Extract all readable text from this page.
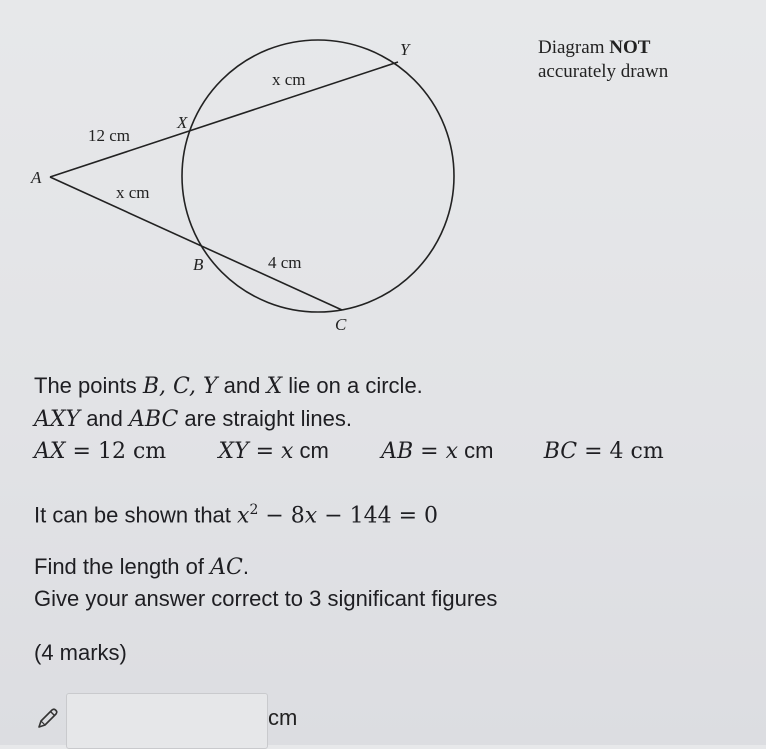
A
X
Y
B
C
12 cm
x cm
x cm
4 cm
Diagram NOT
accurately drawn
The points B, C, Y and X lie on a circle.
AXY and ABC are straight lines.
AX = 12 cm XY = x cm AB = x cm BC = 4 cm
It can be shown that $x^2 - 8x - 144 = 0$
Find the length of AC.
Give your answer correct to 3 significant figures
(4 marks)
cm
